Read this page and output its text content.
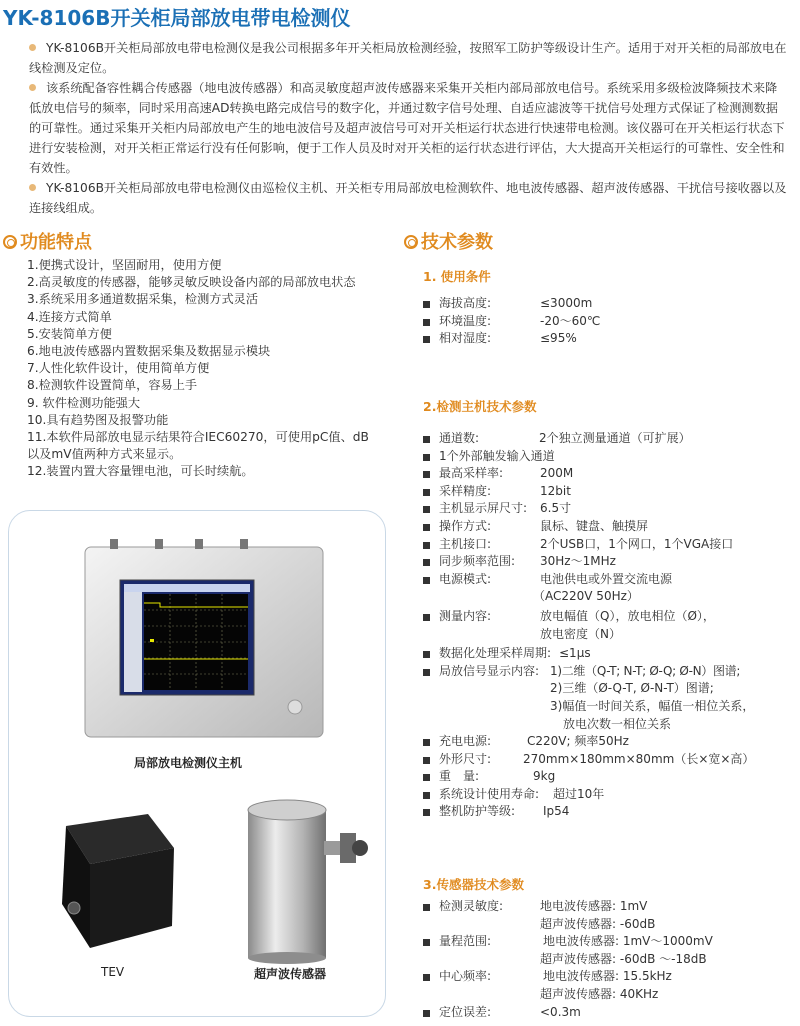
YK-8106B开关柜局部放电带电检测仪

YK-8106B开关柜局部放电带电检测仪是我公司根据多年开关柜局放检测经验，按照军工防护等级设计生产。适用于对开关柜的局部放电在线检测及定位。

该系统配备容性耦合传感器（地电波传感器）和高灵敏度超声波传感器来采集开关柜内部局部放电信号。系统采用多级检波降频技术来降低放电信号的频率，同时采用高速AD转换电路完成信号的数字化，并通过数字信号处理、自适应滤波等干扰信号处理方式保证了检测测数据的可靠性。通过采集开关柜内局部放电产生的地电波信号及超声波信号可对开关柜运行状态进行快速带电检测。该仪器可在开关柜运行状态下进行安装检测，对开关柜正常运行没有任何影响，便于工作人员及时对开关柜的运行状态进行评估，大大提高开关柜运行的可靠性、安全性和有效性。

YK-8106B开关柜局部放电带电检测仪由巡检仪主机、开关柜专用局部放电检测软件、地电波传感器、超声波传感器、干扰信号接收器以及连接线组成。

功能特点
1.便携式设计，坚固耐用，使用方便
2.高灵敏度的传感器，能够灵敏反映设备内部的局部放电状态
3.系统采用多通道数据采集，检测方式灵活
4.连接方式简单
5.安装简单方便
6.地电波传感器内置数据采集及数据显示模块
7.人性化软件设计，使用简单方便
8.检测软件设置简单，容易上手
9. 软件检测功能强大
10.具有趋势图及报警功能
11.本软件局部放电显示结果符合IEC60270，可使用pC值、dB以及mV值两种方式来显示。
12.装置内置大容量锂电池，可长时续航。
局部放电检测仪主机
TEV	超声波传感器
技术参数
1. 使用条件
海拔高度:	≤3000m
环境温度:	-20～60℃
相对湿度:	≤95%
2.检测主机技术参数
通道数:	2个独立测量通道（可扩展）
1个外部触发输入通道
最高采样率:	200M
采样精度:	12bit
主机显示屏尺寸: 6.5寸
操作方式:	鼠标、键盘、触摸屏
主机接口:	2个USB口，1个网口，1个VGA接口
同步频率范围: 30Hz～1MHz
电源模式:	电池供电或外置交流电源
（AC220V 50Hz）
测量内容:	放电幅值（Q），放电相位（Ø），
放电密度（N）
数据化处理采样周期: ≤1μs
局放信号显示内容: 1)二维（Q-T; N-T; Ø-Q; Ø-N）图谱;
2)三维（Ø-Q-T, Ø-N-T）图谱;
3)幅值一时间关系，幅值一相位关系，
放电次数一相位关系
充电电源:	C220V; 频率50Hz
外形尺寸:	270mm×180mm×80mm（长×宽×高）
重　量:	9kg
系统设计使用寿命: 超过10年
整机防护等级: Ip54
3.传感器技术参数
检测灵敏度:	地电波传感器: 1mV
超声波传感器: -60dB
量程范围:	地电波传感器: 1mV～1000mV
超声波传感器: -60dB ～-18dB
中心频率:	地电波传感器: 15.5kHz
超声波传感器: 40KHz
定位误差:	<0.3m
